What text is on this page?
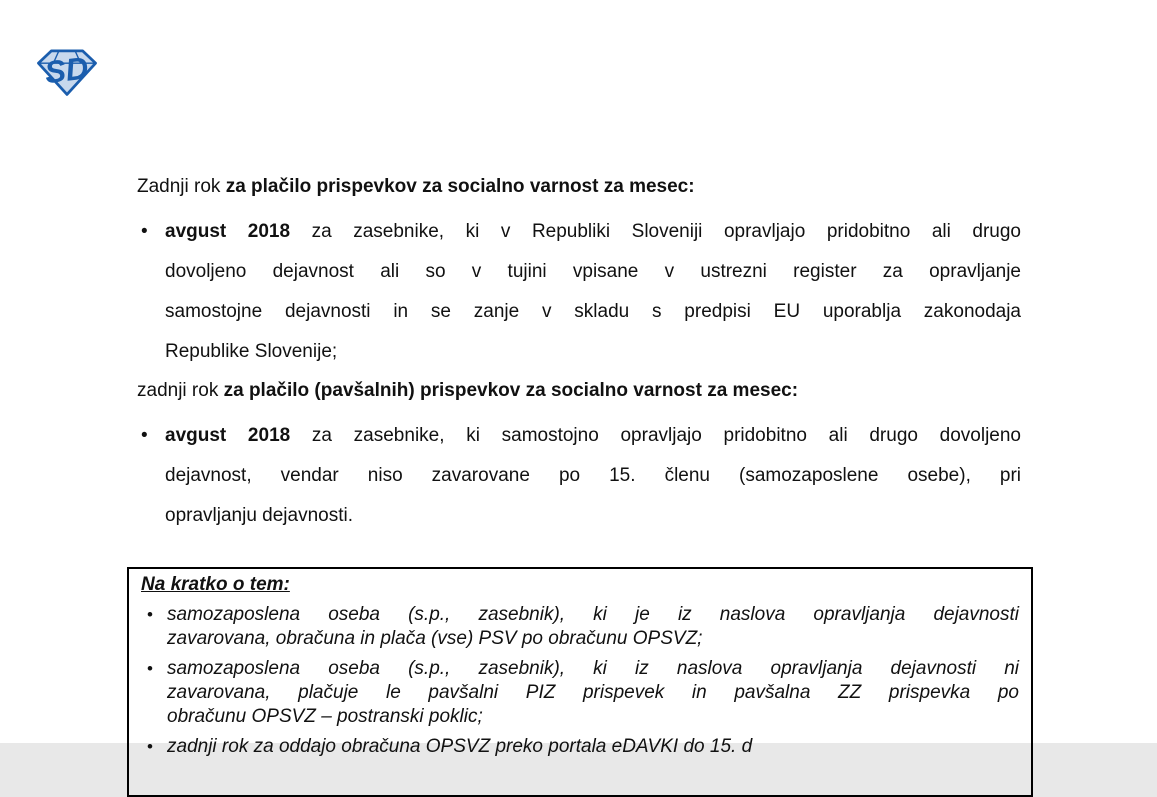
SD
Zadnji rok za plačilo prispevkov za socialno varnost za mesec:
• avgust 2018 za zasebnike, ki v Republiki Sloveniji opravljajo pridobitno ali drugo
dovoljeno dejavnost ali so v tujini vpisane v ustrezni register za opravljanje
samostojne dejavnosti in se zanje v skladu s predpisi EU uporablja zakonodaja
Republike Slovenije;
zadnji rok za plačilo (pavšalnih) prispevkov za socialno varnost za mesec:
• avgust 2018 za zasebnike, ki samostojno opravljajo pridobitno ali drugo dovoljeno
dejavnost, vendar niso zavarovane po 15. členu (samozaposlene osebe), pri
opravljanju dejavnosti.
Na kratko o tem:
• samozaposlena oseba (s.p., zasebnik), ki je iz naslova opravljanja dejavnosti
zavarovana, obračuna in plača (vse) PSV po obračunu OPSVZ;
• samozaposlena oseba (s.p., zasebnik), ki iz naslova opravljanja dejavnosti ni
zavarovana, plačuje le pavšalni PIZ prispevek in pavšalna ZZ prispevka po
obračunu OPSVZ – postranski poklic;
• zadnji rok za oddajo obračuna OPSVZ preko portala eDAVKI do 15. d
